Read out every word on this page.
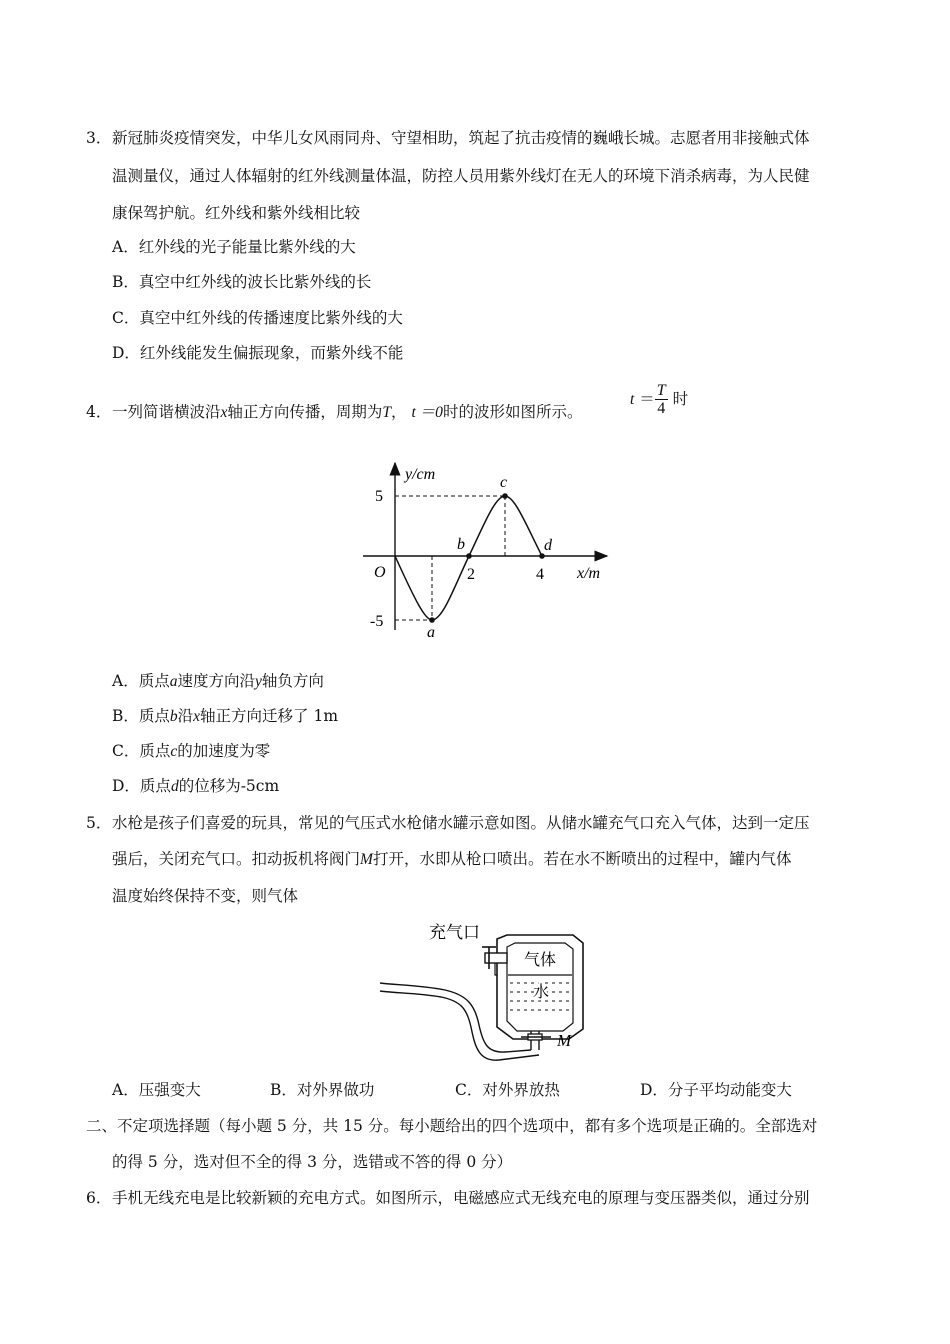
3． 新冠肺炎疫情突发，中华儿女风雨同舟、守望相助，筑起了抗击疫情的巍峨长城。志愿者用非接触式体
温测量仪，通过人体辐射的红外线测量体温，防控人员用紫外线灯在无人的环境下消杀病毒，为人民健
康保驾护航。红外线和紫外线相比较
A．红外线的光子能量比紫外线的大
B．真空中红外线的波长比紫外线的长
C．真空中红外线的传播速度比紫外线的大
D．红外线能发生偏振现象，而紫外线不能
4． 一列简谐横波沿x轴正方向传播，周期为T， t ＝0时的波形如图所示。
$t = \frac{T}{4}$ 时
y/cm
x/m
O
5
-5
2	4
a
b
c
d
A．质点a速度方向沿y轴负方向
B．质点b沿x轴正方向迁移了 1m
C．质点c的加速度为零
D．质点d的位移为-5cm
5． 水枪是孩子们喜爱的玩具，常见的气压式水枪储水罐示意如图。从储水罐充气口充入气体，达到一定压
强后，关闭充气口。扣动扳机将阀门M打开，水即从枪口喷出。若在水不断喷出的过程中，罐内气体
温度始终保持不变，则气体
充气口
气体
水
M
A．压强变大	B．对外界做功	C．对外界放热	D．分子平均动能变大
二、不定项选择题（每小题 5 分，共 15 分。每小题给出的四个选项中，都有多个选项是正确的。全部选对
的得 5 分，选对但不全的得 3 分，选错或不答的得 0 分）
6． 手机无线充电是比较新颖的充电方式。如图所示，电磁感应式无线充电的原理与变压器类似，通过分别
